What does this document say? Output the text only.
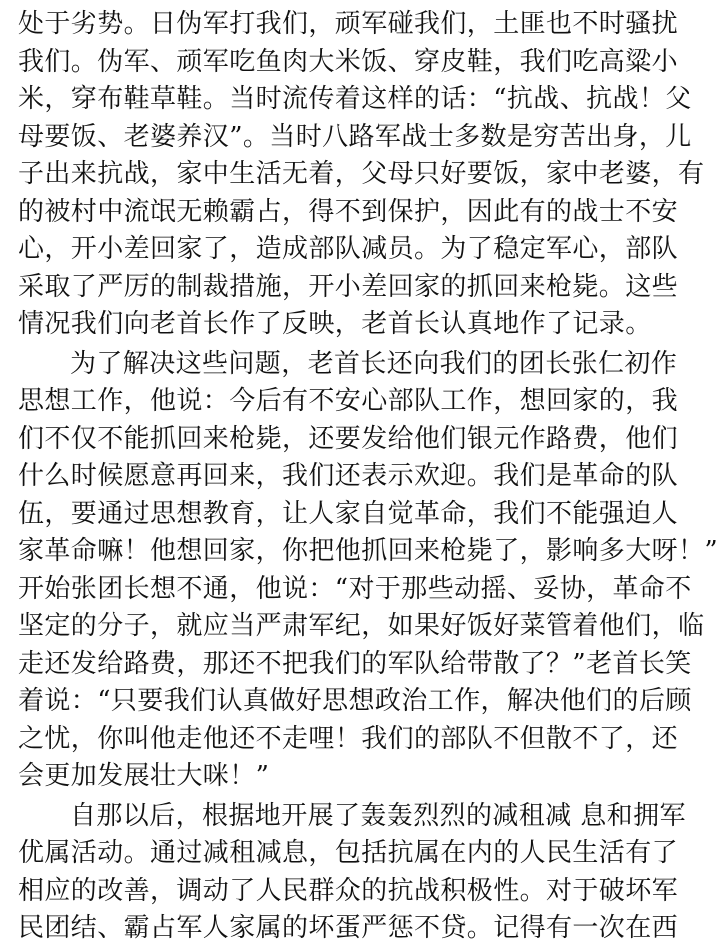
处于劣势。日伪军打我们，顽军碰我们，土匪也不时骚扰
我们。伪军、顽军吃鱼肉大米饭、穿皮鞋，我们吃高粱小
米，穿布鞋草鞋。当时流传着这样的话：“抗战、抗战！父
母要饭、老婆养汉”。当时八路军战士多数是穷苦出身，儿
子出来抗战，家中生活无着，父母只好要饭，家中老婆，有
的被村中流氓无赖霸占，得不到保护，因此有的战士不安
心，开小差回家了，造成部队减员。为了稳定军心，部队
采取了严厉的制裁措施，开小差回家的抓回来枪毙。这些
情况我们向老首长作了反映，老首长认真地作了记录。
为了解决这些问题，老首长还向我们的团长张仁初作
思想工作，他说：今后有不安心部队工作，想回家的，我
们不仅不能抓回来枪毙，还要发给他们银元作路费，他们
什么时候愿意再回来，我们还表示欢迎。我们是革命的队
伍，要通过思想教育，让人家自觉革命，我们不能强迫人
家革命嘛！他想回家，你把他抓回来枪毙了，影响多大呀！”
开始张团长想不通，他说：“对于那些动摇、妥协，革命不
坚定的分子，就应当严肃军纪，如果好饭好菜管着他们，临
走还发给路费，那还不把我们的军队给带散了？”老首长笑
着说：“只要我们认真做好思想政治工作，解决他们的后顾
之忧，你叫他走他还不走哩！我们的部队不但散不了，还
会更加发展壮大咪！”
自那以后，根据地开展了轰轰烈烈的减租减 息和拥军
优属活动。通过减租减息，包括抗属在内的人民生活有了
相应的改善，调动了人民群众的抗战积极性。对于破坏军
民团结、霸占军人家属的坏蛋严惩不贷。记得有一次在西
